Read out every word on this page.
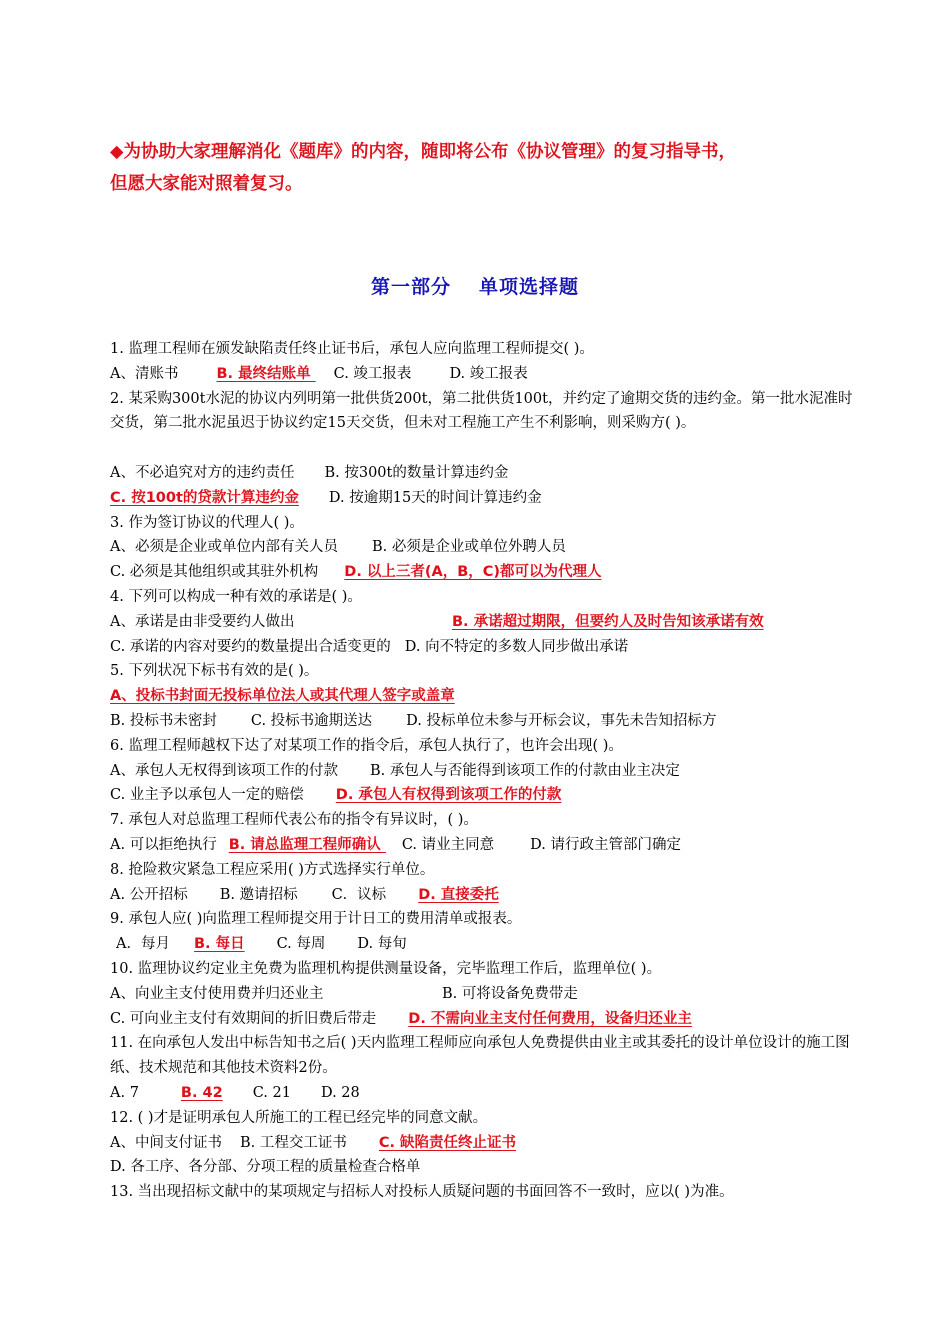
◆为协助大家理解消化《题库》的内容，随即将公布《协议管理》的复习指导书，
但愿大家能对照着复习。
第一部分 单项选择题
1. 监理工程师在颁发缺陷责任终止证书后，承包人应向监理工程师提交( )。
A、清账书	B. 最终结账单 C. 竣工报表	D. 竣工报表
2. 某采购300t水泥的协议内列明第一批供货200t，第二批供货100t，并约定了逾期交货的违约金。第一批水泥准时交货，第二批水泥虽迟于协议约定15天交货，但未对工程施工产生不利影响，则采购方( )。
A、不必追究对方的违约责任 B. 按300t的数量计算违约金
C. 按100t的贷款计算违约金 D. 按逾期15天的时间计算违约金
3. 作为签订协议的代理人( )。
A、必须是企业或单位内部有关人员 B. 必须是企业或单位外聘人员
C. 必须是其他组织或其驻外机构 D. 以上三者(A，B，C)都可以为代理人
4. 下列可以构成一种有效的承诺是( )。
A、承诺是由非受要约人做出	B. 承诺超过期限，但要约人及时告知该承诺有效
C. 承诺的内容对要约的数量提出合适变更的 D. 向不特定的多数人同步做出承诺
5. 下列状况下标书有效的是( )。
A、投标书封面无投标单位法人或其代理人签字或盖章
B. 投标书未密封 C. 投标书逾期送达 D. 投标单位未参与开标会议，事先未告知招标方
6. 监理工程师越权下达了对某项工作的指令后，承包人执行了，也许会出现( )。
A、承包人无权得到该项工作的付款 B. 承包人与否能得到该项工作的付款由业主决定
C. 业主予以承包人一定的赔偿 D. 承包人有权得到该项工作的付款
7. 承包人对总监理工程师代表公布的指令有异议时，( )。
A. 可以拒绝执行 B. 请总监理工程师确认 C. 请业主同意 D. 请行政主管部门确定
8. 抢险救灾紧急工程应采用( )方式选择实行单位。
A. 公开招标 B. 邀请招标 C．议标 D. 直接委托
9. 承包人应( )向监理工程师提交用于计日工的费用清单或报表。
A．每月 B. 每日 C. 每周 D. 每旬
10. 监理协议约定业主免费为监理机构提供测量设备，完毕监理工作后，监理单位( )。
A、向业主支付使用费并归还业主	B. 可将设备免费带走
C. 可向业主支付有效期间的折旧费后带走 D. 不需向业主支付任何费用，设备归还业主
11. 在向承包人发出中标告知书之后( )天内监理工程师应向承包人免费提供由业主或其委托的设计单位设计的施工图纸、技术规范和其他技术资料2份。
A. 7	B. 42 C. 21 D. 28
12. ( )才是证明承包人所施工的工程已经完毕的同意文献。
A、中间支付证书 B. 工程交工证书 C. 缺陷责任终止证书
D. 各工序、各分部、分项工程的质量检查合格单
13. 当出现招标文献中的某项规定与招标人对投标人质疑问题的书面回答不一致时，应以( )为准。
